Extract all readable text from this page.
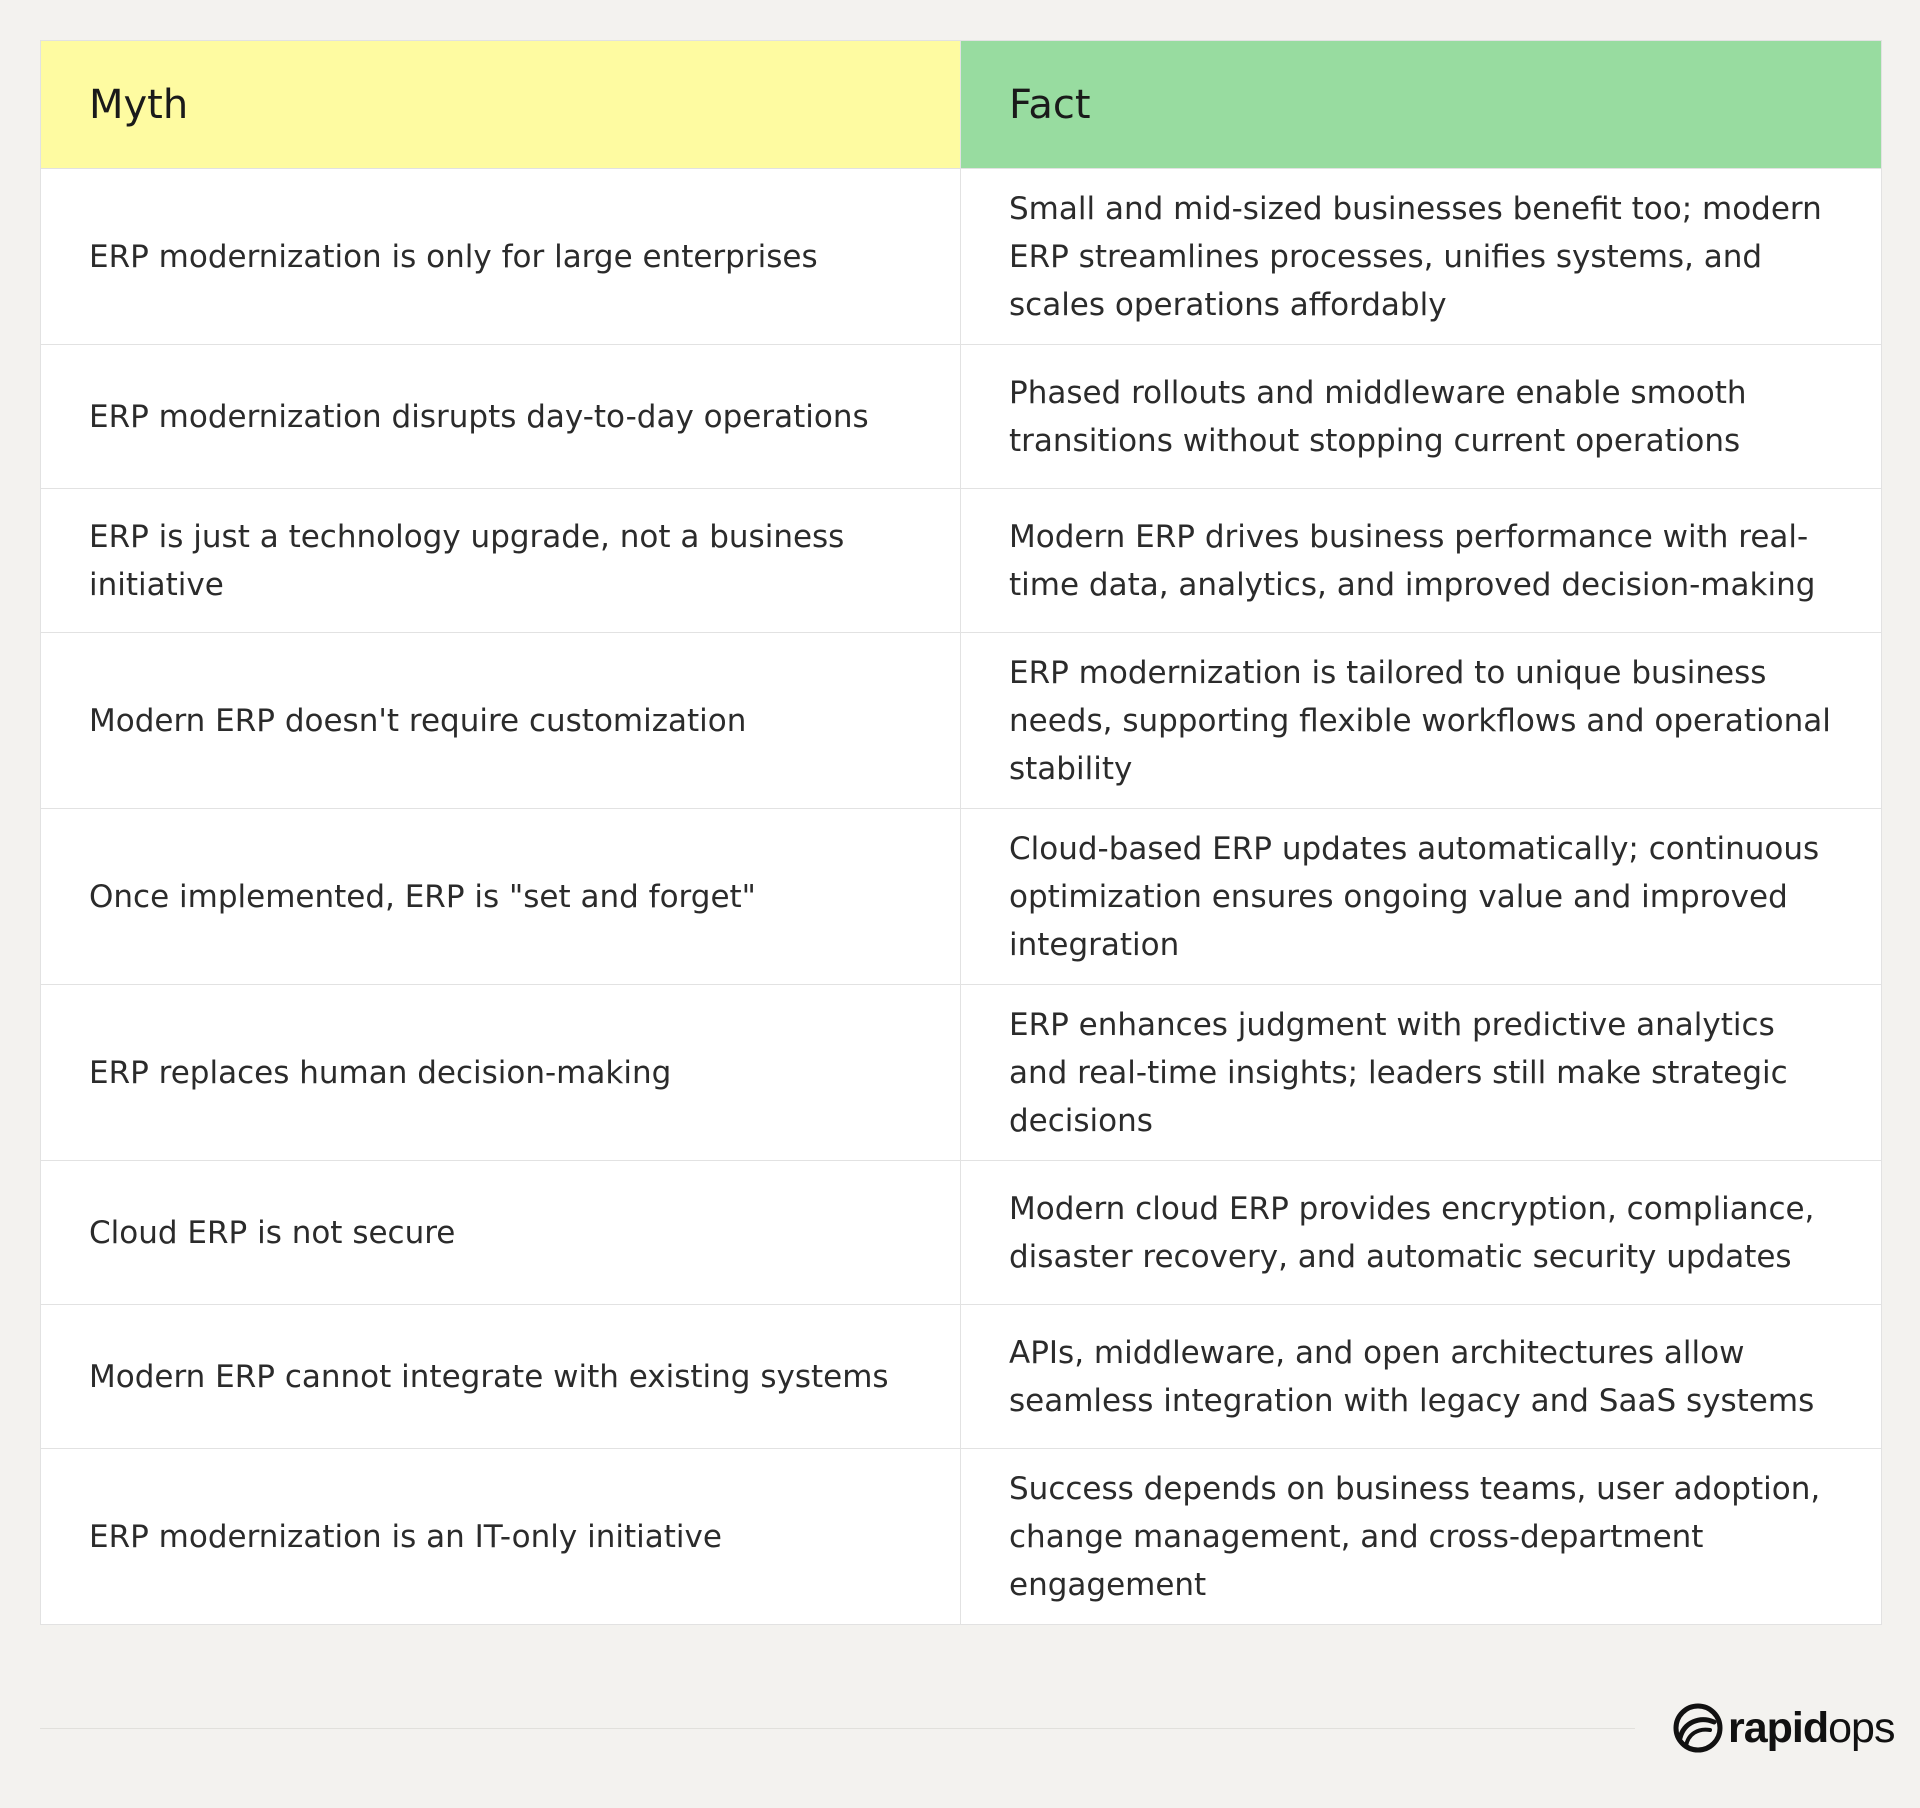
Myth	Fact
ERP modernization is only for large enterprises
Small and mid-sized businesses benefit too; modern ERP streamlines processes, unifies systems, and scales operations affordably
ERP modernization disrupts day-to-day operations
Phased rollouts and middleware enable smooth transitions without stopping current operations
ERP is just a technology upgrade, not a business initiative
Modern ERP drives business performance with real-time data, analytics, and improved decision-making
Modern ERP doesn't require customization
ERP modernization is tailored to unique business needs, supporting flexible workflows and operational stability
Once implemented, ERP is "set and forget"
Cloud-based ERP updates automatically; continuous optimization ensures ongoing value and improved integration
ERP replaces human decision-making
ERP enhances judgment with predictive analytics and real-time insights; leaders still make strategic decisions
Cloud ERP is not secure
Modern cloud ERP provides encryption, compliance, disaster recovery, and automatic security updates
Modern ERP cannot integrate with existing systems
APIs, middleware, and open architectures allow seamless integration with legacy and SaaS systems
ERP modernization is an IT-only initiative
Success depends on business teams, user adoption, change management, and cross-department engagement
rapidops
